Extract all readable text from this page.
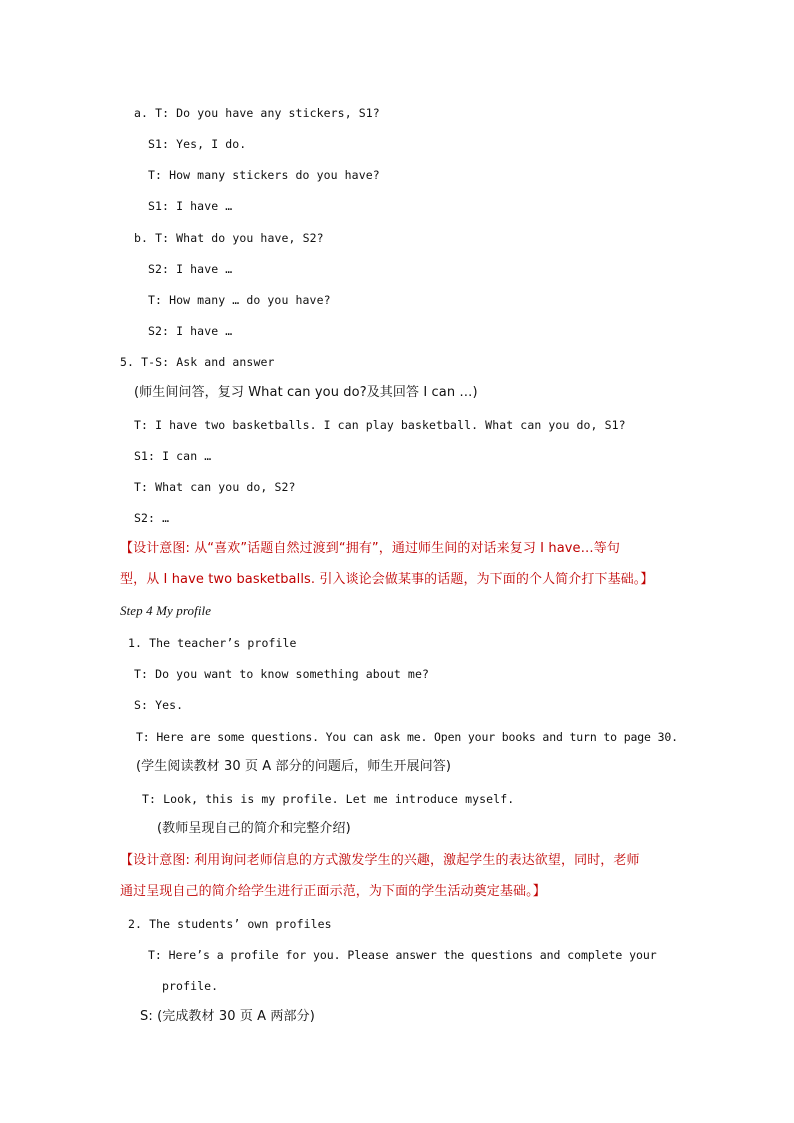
a. T: Do you have any stickers, S1?
S1: Yes, I do.
T: How many stickers do you have?
S1: I have …
b. T: What do you have, S2?
S2: I have …
T: How many … do you have?
S2: I have …
5. T-S: Ask and answer
(师生间问答，复习 What can you do?及其回答 I can …)
T: I have two basketballs. I can play basketball. What can you do, S1?
S1: I can …
T: What can you do, S2?
S2: …
【设计意图: 从“喜欢”话题自然过渡到“拥有”，通过师生间的对话来复习 I have…等句
型，从 I have two basketballs. 引入谈论会做某事的话题，为下面的个人简介打下基础。】
Step 4 My profile
1. The teacher’s profile
T: Do you want to know something about me?
S: Yes.
T: Here are some questions. You can ask me. Open your books and turn to page 30.
(学生阅读教材 30 页 A 部分的问题后，师生开展问答)
T: Look, this is my profile. Let me introduce myself.
(教师呈现自己的简介和完整介绍)
【设计意图: 利用询问老师信息的方式激发学生的兴趣，激起学生的表达欲望，同时，老师
通过呈现自己的简介给学生进行正面示范，为下面的学生活动奠定基础。】
2. The students’ own profiles
T: Here’s a profile for you. Please answer the questions and complete your
profile.
S: (完成教材 30 页 A 两部分)
